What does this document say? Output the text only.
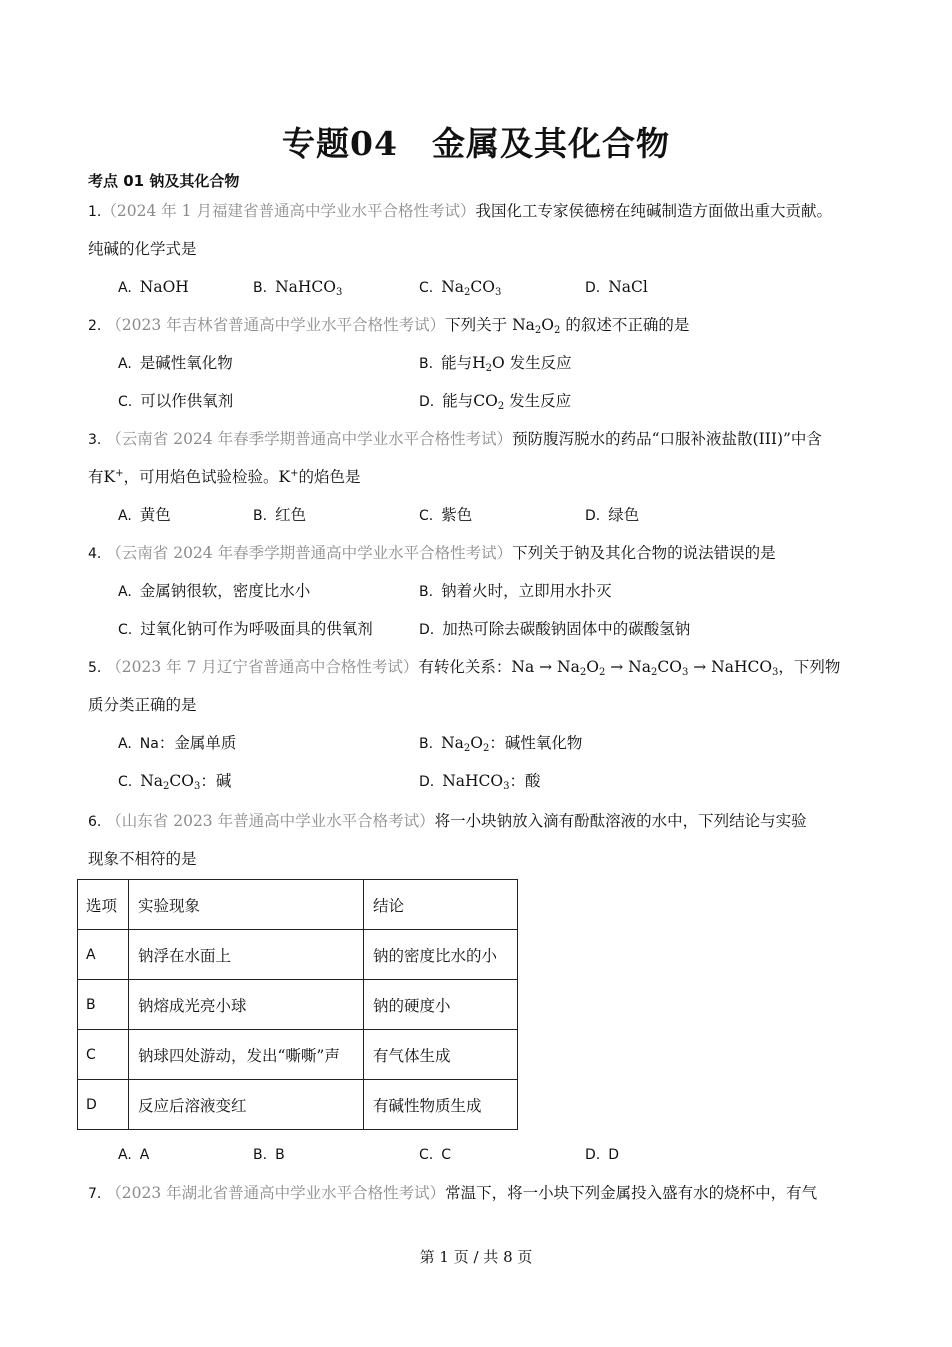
专题04 金属及其化合物
考点 01 钠及其化合物
1.（2024 年 1 月福建省普通高中学业水平合格性考试）我国化工专家侯德榜在纯碱制造方面做出重大贡献。
纯碱的化学式是
A. NaOH	B. NaHCO$_3$	C. $Na_2CO_3$	D. NaCl
2. （2023 年吉林省普通高中学业水平合格性考试）下列关于 $Na_2O_2$ 的叙述不正确的是
A. 是碱性氧化物	B. 能与$H_2O$ 发生反应
C. 可以作供氧剂	D. 能与$CO_2$ 发生反应
3. （云南省 2024 年春季学期普通高中学业水平合格性考试）预防腹泻脱水的药品“口服补液盐散(III)”中含
有K+，可用焰色试验检验。K+的焰色是
A. 黄色	B. 红色	C. 紫色	D. 绿色
4. （云南省 2024 年春季学期普通高中学业水平合格性考试）下列关于钠及其化合物的说法错误的是
A. 金属钠很软，密度比水小	B. 钠着火时，立即用水扑灭
C. 过氧化钠可作为呼吸面具的供氧剂	D. 加热可除去碳酸钠固体中的碳酸氢钠
5. （2023 年 7 月辽宁省普通高中合格性考试）有转化关系：$Na \to Na_2O_2 \to Na_2CO_3$ → NaHCO$_3$，下列物
质分类正确的是
A. Na：金属单质	B. $Na_2O_2$：碱性氧化物
C. $Na_2CO_3$：碱	D. NaHCO$_3$：酸
6. （山东省 2023 年普通高中学业水平合格考试）将一小块钠放入滴有酚酞溶液的水中，下列结论与实验
现象不相符的是
选项	实验现象	结论
A	钠浮在水面上	钠的密度比水的小
B	钠熔成光亮小球	钠的硬度小
C	钠球四处游动，发出“嘶嘶”声	有气体生成
D	反应后溶液变红	有碱性物质生成
A. A	B. B	C. C	D. D
7. （2023 年湖北省普通高中学业水平合格性考试）常温下，将一小块下列金属投入盛有水的烧杯中，有气
第 1 页 / 共 8 页
